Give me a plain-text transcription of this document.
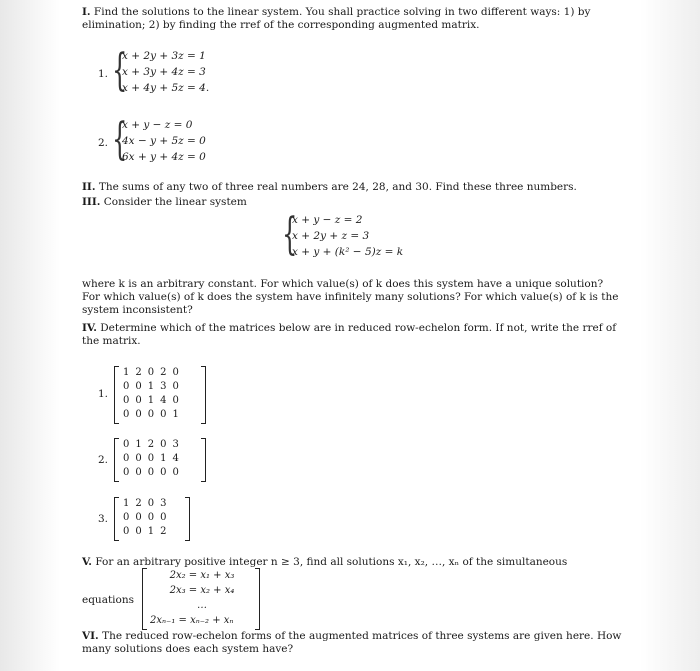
I. Find the solutions to the linear system. You shall practice solving in two different ways: 1) by elimination; 2) by finding the rref of the corresponding augmented matrix.
1. {
x + 2y + 3z = 1
x + 3y + 4z = 3
x + 4y + 5z = 4.
2. {
x + y − z = 0
4x − y + 5z = 0
6x + y + 4z = 0
II. The sums of any two of three real numbers are 24, 28, and 30. Find these three numbers.
III. Consider the linear system
{
x + y − z = 2
x + 2y + z = 3
x + y + (k² − 5)z = k
where k is an arbitrary constant. For which value(s) of k does this system have a unique solution? For which value(s) of k does the system have infinitely many solutions? For which value(s) of k is the system inconsistent?
IV. Determine which of the matrices below are in reduced row-echelon form. If not, write the rref of the matrix.
1.
1	2	0	2	0
0	0	1	3	0
0	0	1	4	0
0	0	0	0	1
2.
0	1	2	0	3
0	0	0	1	4
0	0	0	0	0
3.
1	2	0	3
0	0	0	0
0	0	1	2
V. For an arbitrary positive integer n ≥ 3, find all solutions x₁, x₂, …, xₙ of the simultaneous
equations
2x₂ = x₁ + x₃
2x₃ = x₂ + x₄
…
2xₙ₋₁ = xₙ₋₂ + xₙ
VI. The reduced row-echelon forms of the augmented matrices of three systems are given here. How many solutions does each system have?
